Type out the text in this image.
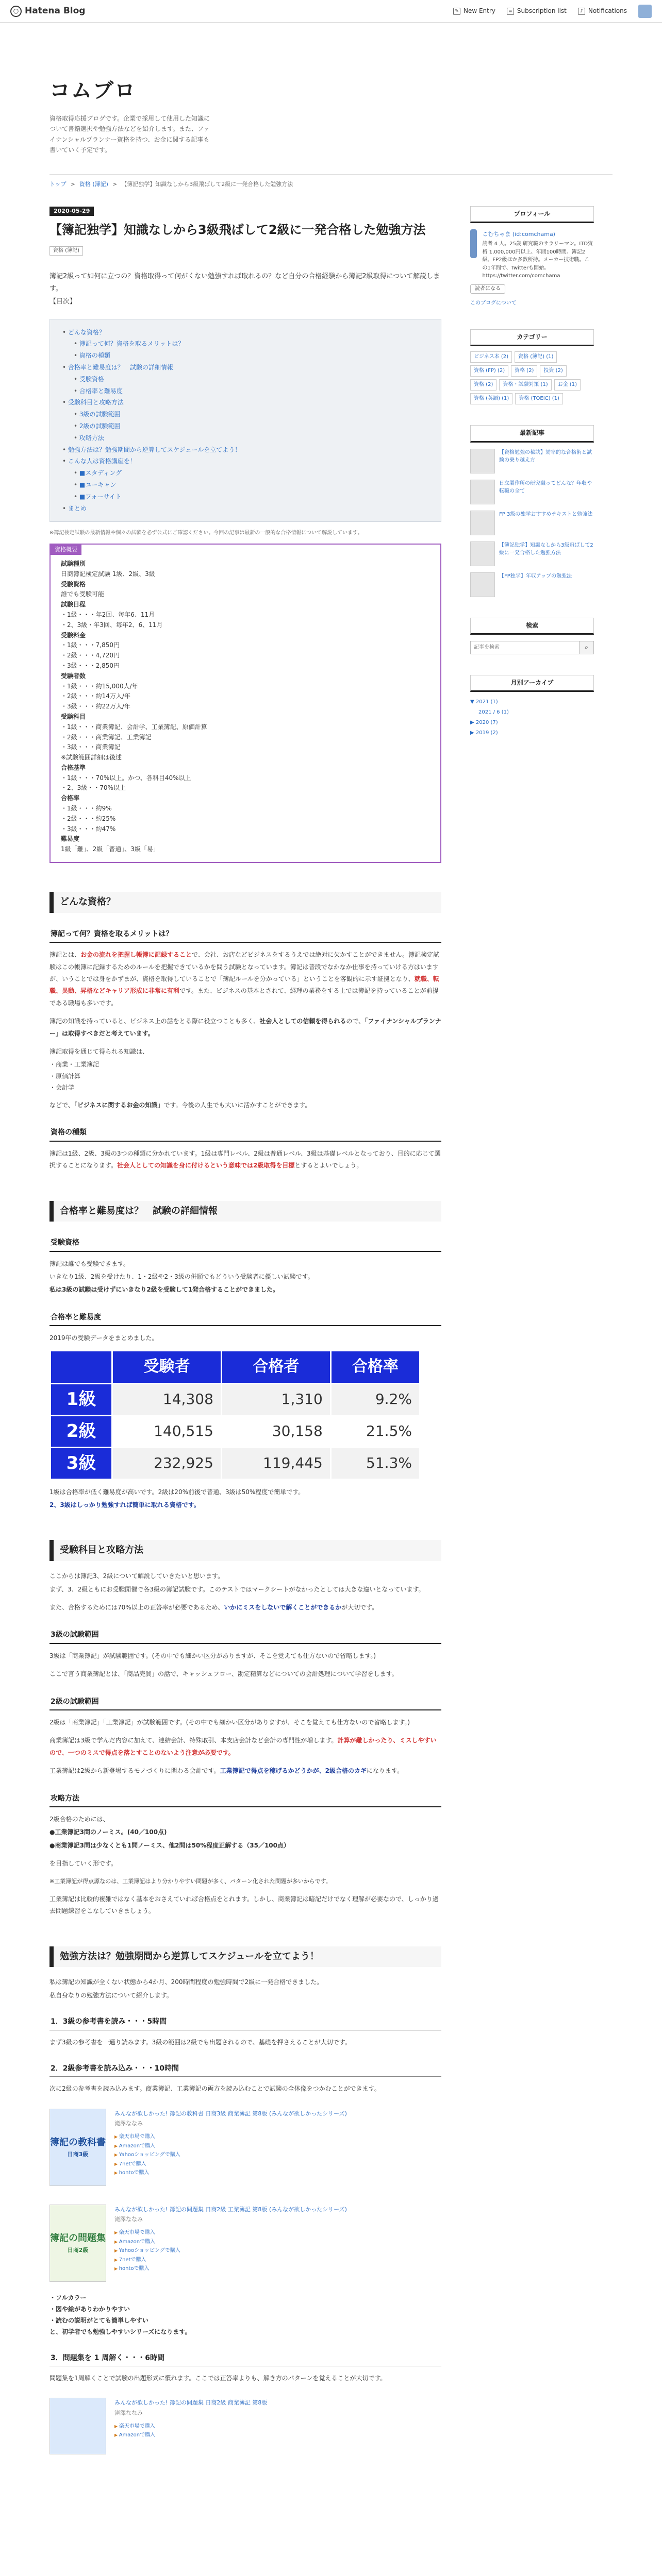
○ Hatena Blog	✎ New Entry	≡ Subscription list	♪ Notifications
コムブロ
資格取得応援ブログです。企業で採用して使用した知識について書籍選択や勉強方法などを紹介します。また、ファイナンシャルプランナー資格を持つ、お金に関する記事も書いていく予定です。
トップ > 資格 (簿記) > 【簿記独学】知識なしから3級飛ばして2級に一発合格した勉強方法
2020-05-29
【簿記独学】知識なしから3級飛ばして2級に一発合格した勉強方法
資格 (簿記)

簿記2級って如何に立つの？資格取得って何がくない勉強すれば取れるの？など自分の合格経験から簿記2級取得について解説します。

【目次】

• どんな資格？
• 簿記って何？資格を取るメリットは？
• 資格の種類
• 合格率と難易度は？　試験の詳細情報
• 受験資格
• 合格率と難易度
• 受験科目と攻略方法
• 3級の試験範囲
• 2級の試験範囲
• 攻略方法
• 勉強方法は？勉強期間から逆算してスケジュールを立てよう！
• こんな人は資格講座を！
• ■スタディング
• ■ユーキャン
• ■フォーサイト
• まとめ

※簿記検定試験の最新情報や個々の試験を必ず公式にご確認ください。今回の記事は最新の一般的な合格情報について解説しています。

資格概要

試験種別

日商簿記検定試験 1級、2級、3級

受験資格

誰でも受験可能

試験日程

・1級・・・年2回、毎年6、11月

・2、3級・年3回、毎年2、6、11月

受験料金

・1級・・・7,850円

・2級・・・4,720円

・3級・・・2,850円

受験者数

・1級・・・約15,000人/年

・2級・・・約14万人/年

・3級・・・約22万人/年

受験科目

・1級・・・商業簿記、会計学、工業簿記、原価計算

・2級・・・商業簿記、工業簿記

・3級・・・商業簿記

※試験範囲詳細は後述

合格基準

・1級・・・70%以上。かつ、各科目40%以上

・2、3級・・70%以上

合格率

・1級・・・約9%

・2級・・・約25%

・3級・・・約47%

難易度

1級「難」、2級「普通」、3級「易」

どんな資格？
簿記って何？資格を取るメリットは？

簿記とは、お金の流れを把握し帳簿に記録することで、会社、お店などビジネスをするうえでは絶対に欠かすことができません。簿記検定試験はこの帳簿に記録するためのルールを把握できているかを問う試験となっています。簿記は普段でなかなか仕事を持っていける方はいますが、いうことでは身をかずまが、資格を取得していることで「簿記ルールを分かっている」ということを客観的に示す証拠となり、就職、転職、異動、昇格などキャリア形成に非常に有利です。また、ビジネスの基本とされて、経理の業務をする上では簿記を持っていることが前提である職場も多いです。

簿記の知識を持っていると、ビジネス上の話をとる際に役立つことも多く、社会人としての信頼を得られるので、「ファイナンシャルプランナー」は取得すべきだと考えています。

簿記取得を通じて得られる知識は、

・商業・工業簿記
・原価計算
・会計学

などで、「ビジネスに関するお金の知識」です。今後の人生でも大いに活かすことができます。

資格の種類

簿記は1級、2級、3級の3つの種類に分かれています。1級は専門レベル、2級は普通レベル、3級は基礎レベルとなっており、目的に応じて選択することになります。社会人としての知識を身に付けるという意味では2級取得を目標とするとよいでしょう。

合格率と難易度は？　試験の詳細情報
受験資格

簿記は誰でも受験できます。

いきなり1級、2級を受けたり、1・2級や2・3級の併願でもどういう受験者に優しい試験です。

私は3級の試験は受けずにいきなり2級を受験して1発合格することができました。

合格率と難易度

2019年の受験データをまとめました。

	受験者	合格者	合格率
1級	14,308	1,310	9.2%
2級	140,515	30,158	21.5%
3級	232,925	119,445	51.3%

1級は合格率が低く難易度が高いです。2級は20%前後で普通、3級は50%程度で簡単です。

2、3級はしっかり勉強すれば簡単に取れる資格です。

受験科目と攻略方法

ここからは簿記3、2級について解説していきたいと思います。

まず、3、2級ともにお受験開催で各3級の簿記試験です。このテストではマークシートがなかったとしては大きな違いとなっています。

また、合格するためには70%以上の正答率が必要であるため、いかにミスをしないで解くことができるかが大切です。

3級の試験範囲

3級は「商業簿記」が試験範囲です。(その中でも細かい区分がありますが、そこを覚えても仕方ないので省略します。)

ここで言う商業簿記とは、「商品売買」の話で、キャッシュフロー、勘定精算などについての会計処理について学習をします。

2級の試験範囲

2級は「商業簿記」「工業簿記」が試験範囲です。(その中でも細かい区分がありますが、そこを覚えても仕方ないので省略します。)

商業簿記は3級で学んだ内容に加えて、連結会計、特殊取引、本支店会計など会計の専門性が増します。計算が難しかったり、ミスしやすいので、一つのミスで得点を落とすことのないよう注意が必要です。

工業簿記は2級から新登場するモノづくりに関わる会計です。工業簿記で得点を稼げるかどうかが、2級合格のカギになります。

攻略方法

2級合格のためには、

●工業簿記3問のノーミス。(40／100点)

●商業簿記3問は少なくとも1問ノーミス、他2問は50%程度正解する（35／100点）

を目指していく形です。

※工業簿記が得点源なのは、工業簿記はより分かりやすい問題が多く、パターン化された問題が多いからです。

工業簿記は比較的複雑ではなく基本をおさえていれば合格点をとれます。しかし、商業簿記は暗記だけでなく理解が必要なので、しっかり過去問題練習をこなしていきましょう。

勉強方法は？勉強期間から逆算してスケジュールを立てよう！

私は簿記の知識が全くない状態から4か月、200時間程度の勉強時間で2級に一発合格できました。

私自身なりの勉強方法について紹介します。

1．3級の参考書を読み・・・5時間

まず3級の参考書を一通り読みます。3級の範囲は2級でも出題されるので、基礎を押さえることが大切です。

2．2級参考書を読み込み・・・10時間

次に2級の参考書を読み込みます。商業簿記、工業簿記の両方を読み込むことで試験の全体像をつかむことができます。

簿記の教科書
日商3級
みんなが欲しかった! 簿記の教科書 日商3級 商業簿記 第8版 (みんなが欲しかったシリーズ)
滝澤ななみ
▶ 楽天市場で購入
▶ Amazonで購入
▶ Yahooショッピングで購入
▶ 7netで購入
▶ hontoで購入
簿記の問題集
日商2級
みんなが欲しかった! 簿記の問題集 日商2級 工業簿記 第8版 (みんなが欲しかったシリーズ)
滝澤ななみ
▶ 楽天市場で購入
▶ Amazonで購入
▶ Yahooショッピングで購入
▶ 7netで購入
▶ hontoで購入
・フルカラー
・図や絵がありわかりやすい
・読むの説明がとても簡単しやすい
と、初学者でも勉強しやすいシリーズになります。
3．問題集を 1 周解く・・・6時間

問題集を1周解くことで試験の出題形式に慣れます。ここでは正答率よりも、解き方のパターンを覚えることが大切です。

みんなが欲しかった! 簿記の問題集 日商2級 商業簿記 第8版
滝澤ななみ
▶ 楽天市場で購入
▶ Amazonで購入
プロフィール
こむちゃま (id:comchama)
読者 4 人。25歳 研究職のサラリーマン。ITD資格 1,000,000円以上、年間100時間。簿記2級、FP2級ほか多数所持。メーカー技術職。この1年間で、Twitterも開始。https://twitter.com/comchama
読者になる
このブログについて
カテゴリー
ビジネス本 (2)	資格 (簿記) (1)
資格 (FP) (2)	資格 (2)	投資 (2)
資格 (2)	資格・試験対策 (1)	お金 (1)
資格 (英語) (1)	資格 (TOEIC) (1)
最新記事
【資格勉強の秘訣】効率的な合格術と試験の乗り越え方
日立製作所の研究職ってどんな？年収や転職の全て
FP 3級の独学おすすめテキストと勉強法
【簿記独学】知識なしから3級飛ばして2級に一発合格した勉強方法
【FP独学】年収アップの勉強法
検索
記事を検索
⌕
月別アーカイブ
▼ 2021 (1)
2021 / 6 (1)
▶ 2020 (7)
▶ 2019 (2)
